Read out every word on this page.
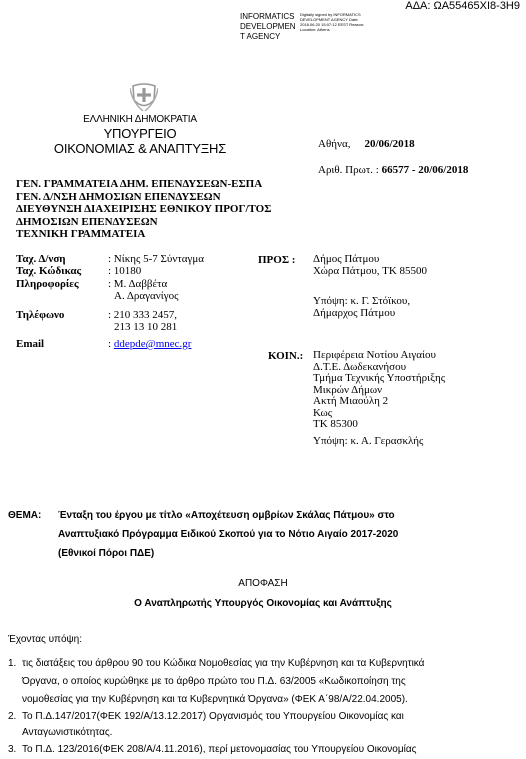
ΑΔΑ: ΩΑ55465ΧΙ8-3Η9
INFORMATICS DEVELOPMEN T AGENCY
Digitally signed by INFORMATICS DEVELOPMENT AGENCY Date: 2018.06.20 15:07:12 EEST Reason: Location: Athens
ΕΛΛΗΝΙΚΗ ΔΗΜΟΚΡΑΤΙΑ
ΥΠΟΥΡΓΕΙΟ
ΟΙΚΟΝΟΜΙΑΣ & ΑΝΑΠΤΥΞΗΣ	Αθήνα, 20/06/2018
Αριθ. Πρωτ. : 66577 - 20/06/2018
ΓΕΝ. ΓΡΑΜΜΑΤΕΙΑ ΔΗΜ. ΕΠΕΝΔΥΣΕΩΝ-ΕΣΠΑ
ΓΕΝ. Δ/ΝΣΗ ΔΗΜΟΣΙΩΝ ΕΠΕΝΔΥΣΕΩΝ
ΔΙΕΥΘΥΝΣΗ ΔΙΑΧΕΙΡΙΣΗΣ ΕΘΝΙΚΟΥ ΠΡΟΓ/ΤΟΣ
ΔΗΜΟΣΙΩΝ ΕΠΕΝΔΥΣΕΩΝ
ΤΕΧΝΙΚΗ ΓΡΑΜΜΑΤΕΙΑ
Ταχ. Δ/νση	: Νίκης 5-7 Σύνταγμα
Ταχ. Κώδικας : 10180
Πληροφορίες	: Μ. Δαββέτα
Α. Δραγανίγος
Τηλέφωνο	: 210 333 2457,
213 13 10 281
Email	: ddepde@mnec.gr
ΠΡΟΣ : Δήμος Πάτμου
Χώρα Πάτμου, ΤΚ 85500
Υπόψη: κ. Γ. Στόϊκου,
Δήμαρχος Πάτμου
ΚΟΙΝ.: Περιφέρεια Νοτίου Αιγαίου
Δ.Τ.Ε. Δωδεκανήσου
Τμήμα Τεχνικής Υποστήριξης
Μικρών Δήμων
Ακτή Μιαούλη 2
Κως
ΤΚ 85300
Υπόψη: κ. Α. Γερασκλής
ΘΕΜΑ: Ένταξη του έργου με τίτλο «Αποχέτευση ομβρίων Σκάλας Πάτμου» στο
Αναπτυξιακό Πρόγραμμα Ειδικού Σκοπού για το Νότιο Αιγαίο 2017-2020
(Εθνικοί Πόροι ΠΔΕ)
ΑΠΟΦΑΣΗ
Ο Αναπληρωτής Υπουργός Οικονομίας και Ανάπτυξης
Έχοντας υπόψη:
1. τις διατάξεις του άρθρου 90 του Κώδικα Νομοθεσίας για την Κυβέρνηση και τα Κυβερνητικά
Όργανα, ο οποίος κυρώθηκε με το άρθρο πρώτο του Π.Δ. 63/2005 «Κωδικοποίηση της
νομοθεσίας για την Κυβέρνηση και τα Κυβερνητικά Όργανα» (ΦΕΚ Α΄98/Α/22.04.2005).
2. Το Π.Δ.147/2017(ΦΕΚ 192/Α/13.12.2017) Οργανισμός του Υπουργείου Οικονομίας και
Ανταγωνιστικότητας.
3. Το Π.Δ. 123/2016(ΦΕΚ 208/Α/4.11.2016), περί μετονομασίας του Υπουργείου Οικονομίας
